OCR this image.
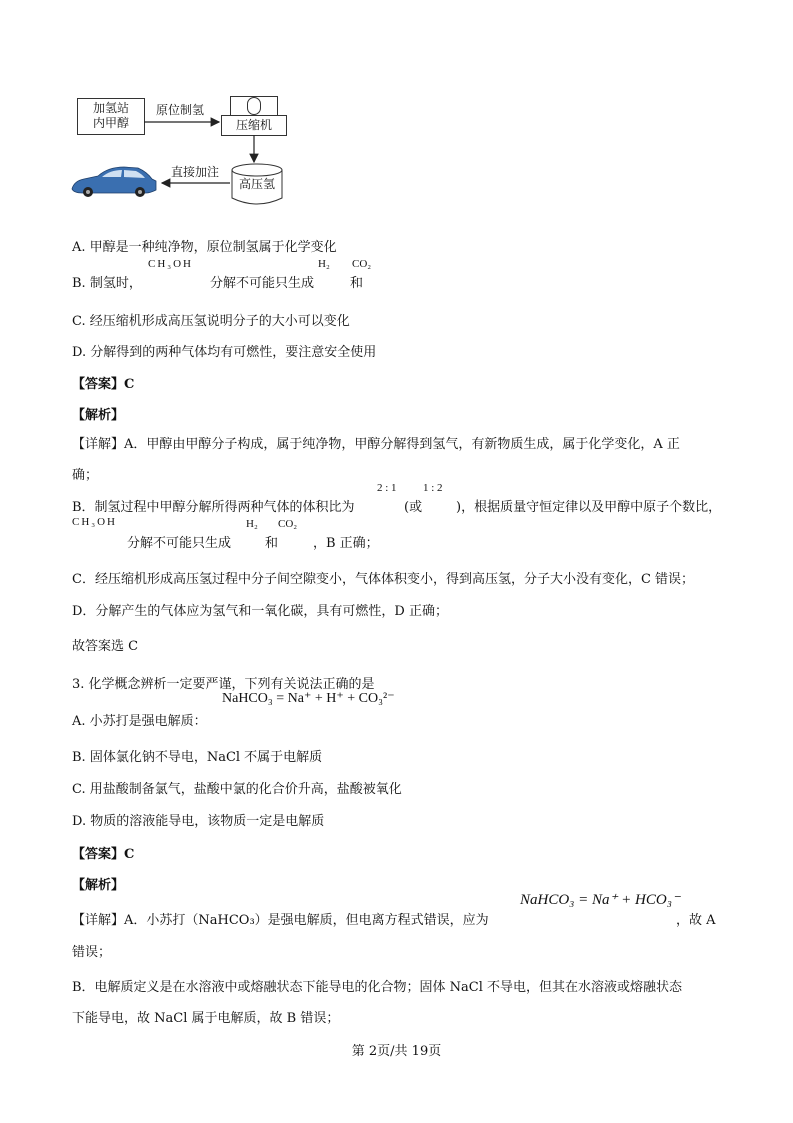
加氢站
内甲醇
原位制氢
压缩机
直接加注
高压氢
A. 甲醇是一种纯净物，原位制氢属于化学变化
CH₃OH	H₂ CO₂
B. 制氢时，	分解不可能只生成	和
C. 经压缩机形成高压氢说明分子的大小可以变化
D. 分解得到的两种气体均有可燃性，要注意安全使用
【答案】C
【解析】
【详解】A．甲醇由甲醇分子构成，属于纯净物，甲醇分解得到氢气，有新物质生成，属于化学变化，A 正
确；
2 : 1 1 : 2
B．制氢过程中甲醇分解所得两种气体的体积比为	(或	)，根据质量守恒定律以及甲醇中原子个数比，
CH₃OH	H₂ CO₂
分解不可能只生成	和	，B 正确；
C．经压缩机形成高压氢过程中分子间空隙变小，气体体积变小，得到高压氢，分子大小没有变化，C 错误；
D．分解产生的气体应为氢气和一氧化碳，具有可燃性，D 正确；
故答案选 C
3. 化学概念辨析一定要严谨，下列有关说法正确的是
NaHCO₃ = Na⁺ + H⁺ + CO₃²⁻
A. 小苏打是强电解质：
B. 固体氯化钠不导电，NaCl 不属于电解质
C. 用盐酸制备氯气，盐酸中氯的化合价升高，盐酸被氧化
D. 物质的溶液能导电，该物质一定是电解质
【答案】C
【解析】
NaHCO₃ = Na⁺ + HCO₃⁻
【详解】A．小苏打（NaHCO₃）是强电解质，但电离方程式错误，应为	，故 A
错误；
B．电解质定义是在水溶液中或熔融状态下能导电的化合物；固体 NaCl 不导电，但其在水溶液或熔融状态
下能导电，故 NaCl 属于电解质，故 B 错误；
第 2页/共 19页
